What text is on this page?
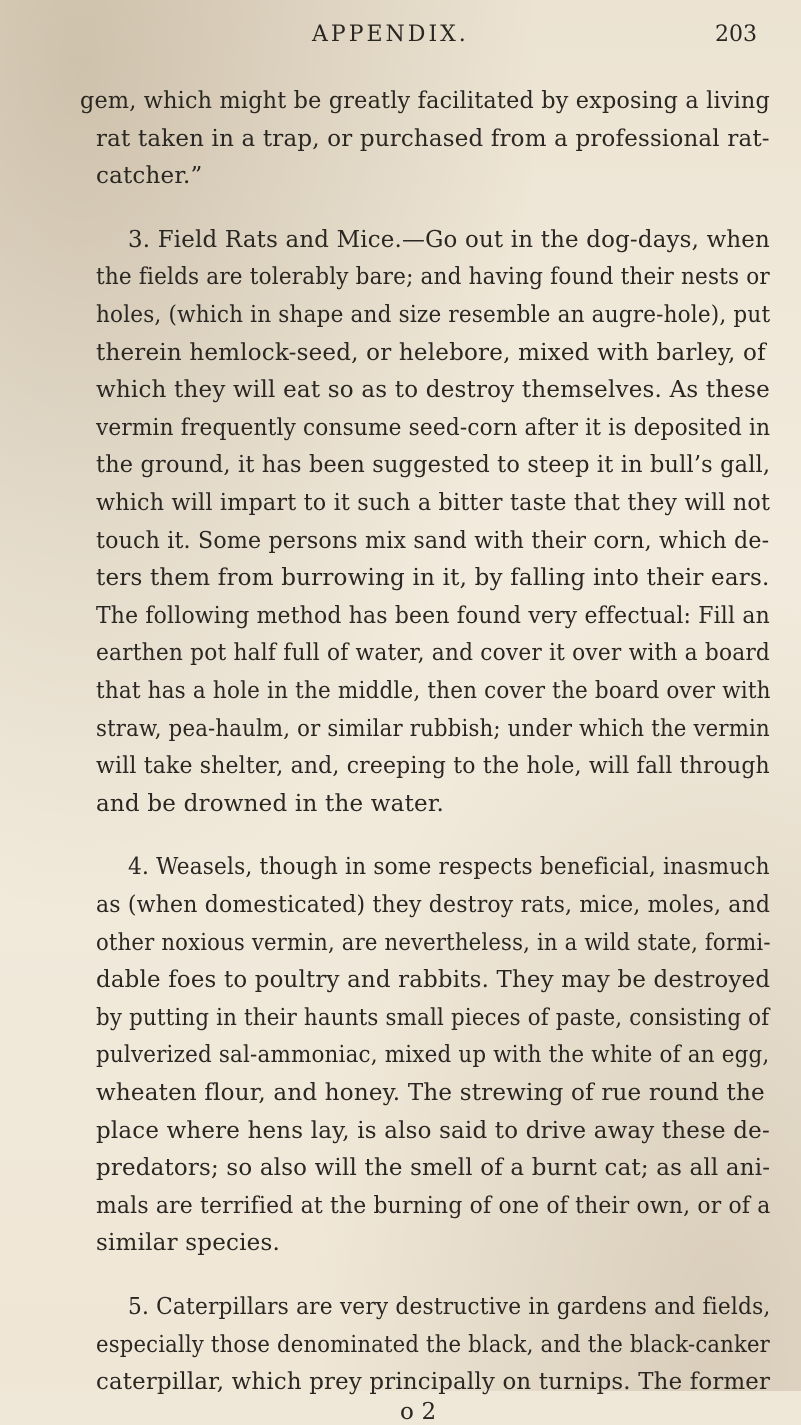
APPENDIX.	203
gem, which might be greatly facilitated by exposing a living
rat taken in a trap, or purchased from a professional rat-
catcher.”
3. Field Rats and Mice.—Go out in the dog-days, when
the fields are tolerably bare; and having found their nests or
holes, (which in shape and size resemble an augre-hole), put
therein hemlock-seed, or helebore, mixed with barley, of
which they will eat so as to destroy themselves. As these
vermin frequently consume seed-corn after it is deposited in
the ground, it has been suggested to steep it in bull’s gall,
which will impart to it such a bitter taste that they will not
touch it. Some persons mix sand with their corn, which de-
ters them from burrowing in it, by falling into their ears.
The following method has been found very effectual: Fill an
earthen pot half full of water, and cover it over with a board
that has a hole in the middle, then cover the board over with
straw, pea-haulm, or similar rubbish; under which the vermin
will take shelter, and, creeping to the hole, will fall through
and be drowned in the water.
4. Weasels, though in some respects beneficial, inasmuch
as (when domesticated) they destroy rats, mice, moles, and
other noxious vermin, are nevertheless, in a wild state, formi-
dable foes to poultry and rabbits. They may be destroyed
by putting in their haunts small pieces of paste, consisting of
pulverized sal-ammoniac, mixed up with the white of an egg,
wheaten flour, and honey. The strewing of rue round the
place where hens lay, is also said to drive away these de-
predators; so also will the smell of a burnt cat; as all ani-
mals are terrified at the burning of one of their own, or of a
similar species.
5. Caterpillars are very destructive in gardens and fields,
especially those denominated the black, and the black-canker
caterpillar, which prey principally on turnips. The former
o 2
